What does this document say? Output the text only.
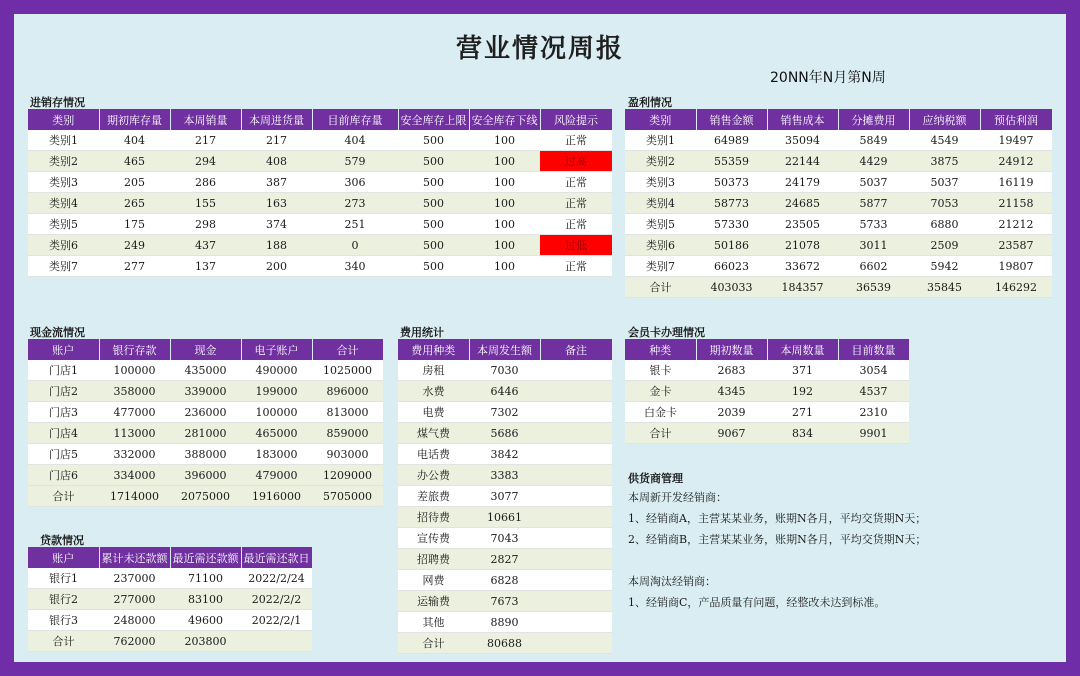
营业情况周报
20NN年N月第N周
进销存情况
类别	期初库存量	本周销量	本周进货量	目前库存量	安全库存上限	安全库存下线	风险提示
类别1	404	217	217	404	500	100	正常
类别2	465	294	408	579	500	100	过高
类别3	205	286	387	306	500	100	正常
类别4	265	155	163	273	500	100	正常
类别5	175	298	374	251	500	100	正常
类别6	249	437	188	0	500	100	过低
类别7	277	137	200	340	500	100	正常
盈利情况
类别	销售金额	销售成本	分摊费用	应纳税额	预估利润
类别1	64989	35094	5849	4549	19497
类别2	55359	22144	4429	3875	24912
类别3	50373	24179	5037	5037	16119
类别4	58773	24685	5877	7053	21158
类别5	57330	23505	5733	6880	21212
类别6	50186	21078	3011	2509	23587
类别7	66023	33672	6602	5942	19807
合计	403033	184357	36539	35845	146292
现金流情况
账户	银行存款	现金	电子账户	合计
门店1	100000	435000	490000	1025000
门店2	358000	339000	199000	896000
门店3	477000	236000	100000	813000
门店4	113000	281000	465000	859000
门店5	332000	388000	183000	903000
门店6	334000	396000	479000	1209000
合计	1714000	2075000	1916000	5705000
贷款情况
账户	累计未还款额	最近需还款额	最近需还款日
银行1	237000	71100	2022/2/24
银行2	277000	83100	2022/2/2
银行3	248000	49600	2022/2/1
合计	762000	203800	
费用统计
费用种类	本周发生额	备注
房租	7030	
水费	6446	
电费	7302	
煤气费	5686	
电话费	3842	
办公费	3383	
差旅费	3077	
招待费	10661	
宣传费	7043	
招聘费	2827	
网费	6828	
运输费	7673	
其他	8890	
合计	80688	
会员卡办理情况
种类	期初数量	本周数量	目前数量
银卡	2683	371	3054
金卡	4345	192	4537
白金卡	2039	271	2310
合计	9067	834	9901
供货商管理
本周新开发经销商：
1、经销商A，主营某某业务，账期N各月，平均交货期N天；
2、经销商B，主营某某业务，账期N各月，平均交货期N天；
本周淘汰经销商：
1、经销商C，产品质量有问题，经整改未达到标准。
